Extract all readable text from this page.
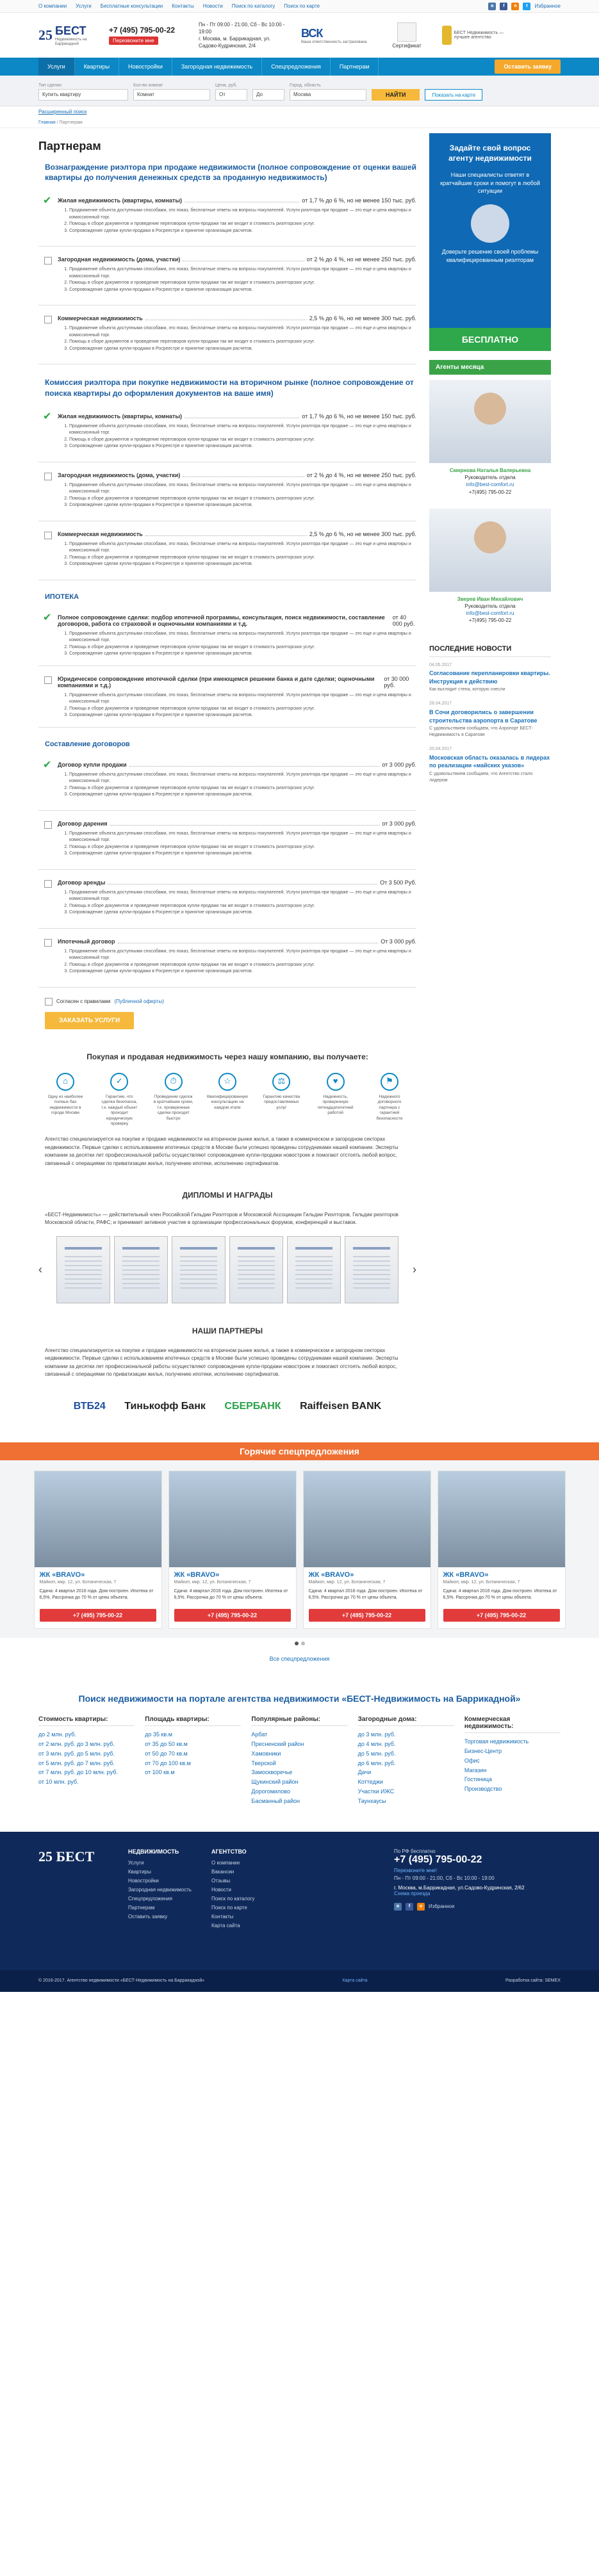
О компании Услуги Бесплатные консультации Контакты Новости Поиск по каталогу Поиск по карте	в	f	o	t	Избранное
25 БЕСТ
Недвижимость на Баррикадной
+7 (495) 795-00-22
Перезвоните мне
Пн - Пт 09:00 - 21:00, Сб - Вс 10:00 - 19:00
г. Москва, м. Баррикадная, ул. Садово-Кудринская, 2/4
ВСК
Ваша ответственность застрахована
Сертификат
БЕСТ Недвижимость — лучшее агентство
Услуги	Квартиры	Новостройки	Загородная недвижимость	Спецпредложения	Партнерам	Оставить заявку
Тип сделки
Купить квартиру
Кол-во комнат
Комнат
Цена, руб.
От	До
Город, область
Москва	НАЙТИ	Показать на карте
Расширенный поиск
Главная / Партнерам
Партнерам
Вознаграждение риэлтора при продаже недвижимости (полное сопровождение от оценки вашей квартиры до получения денежных средств за проданную недвижимость)
✔
Жилая недвижимость (квартиры, комнаты)	от 1,7 % до 6 %, но не менее 150 тыс. руб.
1. Продвижение объекта доступными способами, это показ, бесплатные ответы на вопросы покупателей. Услуги риэлтора при продаже — это еще и цена квартиры и комиссионный торг.
2. Помощь в сборе документов и проведение переговоров купли-продажи так же входит в стоимость риэлторских услуг.
3. Сопровождение сделки купли-продажи в Росреестре и принятие организация расчетов.
Загородная недвижимость (дома, участки)	от 2 % до 4 %, но не менее 250 тыс. руб.
1. Продвижение объекта доступными способами, это показ, бесплатные ответы на вопросы покупателей. Услуги риэлтора при продаже — это еще и цена квартиры и комиссионный торг.
2. Помощь в сборе документов и проведение переговоров купли-продажи так же входит в стоимость риэлторских услуг.
3. Сопровождение сделки купли-продажи в Росреестре и принятие организация расчетов.
Коммерческая недвижимость	2,5 % до 6 %, но не менее 300 тыс. руб.
1. Продвижение объекта доступными способами, это показ, бесплатные ответы на вопросы покупателей. Услуги риэлтора при продаже — это еще и цена квартиры и комиссионный торг.
2. Помощь в сборе документов и проведение переговоров купли-продажи так же входит в стоимость риэлторских услуг.
3. Сопровождение сделки купли-продажи в Росреестре и принятие организация расчетов.
Комиссия риэлтора при покупке недвижимости на вторичном рынке (полное сопровождение от поиска квартиры до оформления документов на ваше имя)
✔
Жилая недвижимость (квартиры, комнаты)	от 1,7 % до 6 %, но не менее 150 тыс. руб.
1. Продвижение объекта доступными способами, это показ, бесплатные ответы на вопросы покупателей. Услуги риэлтора при продаже — это еще и цена квартиры и комиссионный торг.
2. Помощь в сборе документов и проведение переговоров купли-продажи так же входит в стоимость риэлторских услуг.
3. Сопровождение сделки купли-продажи в Росреестре и принятие организация расчетов.
Загородная недвижимость (дома, участки)	от 2 % до 4 %, но не менее 250 тыс. руб.
1. Продвижение объекта доступными способами, это показ, бесплатные ответы на вопросы покупателей. Услуги риэлтора при продаже — это еще и цена квартиры и комиссионный торг.
2. Помощь в сборе документов и проведение переговоров купли-продажи так же входит в стоимость риэлторских услуг.
3. Сопровождение сделки купли-продажи в Росреестре и принятие организация расчетов.
Коммерческая недвижимость	2,5 % до 6 %, но не менее 300 тыс. руб.
1. Продвижение объекта доступными способами, это показ, бесплатные ответы на вопросы покупателей. Услуги риэлтора при продаже — это еще и цена квартиры и комиссионный торг.
2. Помощь в сборе документов и проведение переговоров купли-продажи так же входит в стоимость риэлторских услуг.
3. Сопровождение сделки купли-продажи в Росреестре и принятие организация расчетов.
ИПОТЕКА
✔
Полное сопровождение сделки: подбор ипотечной программы, консультация, поиск недвижимости, составление договоров, работа со страховой и оценочными компаниями и т.д.
от 40 000 руб.
1. Продвижение объекта доступными способами, это показ, бесплатные ответы на вопросы покупателей. Услуги риэлтора при продаже — это еще и цена квартиры и комиссионный торг.
2. Помощь в сборе документов и проведение переговоров купли-продажи так же входит в стоимость риэлторских услуг.
3. Сопровождение сделки купли-продажи в Росреестре и принятие организация расчетов.
Юридическое сопровождение ипотечной сделки (при имеющемся решении банка и дате сделки; оценочными компаниями и т.д.)
от 30 000 руб.
1. Продвижение объекта доступными способами, это показ, бесплатные ответы на вопросы покупателей. Услуги риэлтора при продаже — это еще и цена квартиры и комиссионный торг.
2. Помощь в сборе документов и проведение переговоров купли-продажи так же входит в стоимость риэлторских услуг.
3. Сопровождение сделки купли-продажи в Росреестре и принятие организация расчетов.
Составление договоров
✔
Договор купли продажи	от 3 000 руб.
1. Продвижение объекта доступными способами, это показ, бесплатные ответы на вопросы покупателей. Услуги риэлтора при продаже — это еще и цена квартиры и комиссионный торг.
2. Помощь в сборе документов и проведение переговоров купли-продажи так же входит в стоимость риэлторских услуг.
3. Сопровождение сделки купли-продажи в Росреестре и принятие организация расчетов.
Договор дарения	от 3 000 руб.
1. Продвижение объекта доступными способами, это показ, бесплатные ответы на вопросы покупателей. Услуги риэлтора при продаже — это еще и цена квартиры и комиссионный торг.
2. Помощь в сборе документов и проведение переговоров купли-продажи так же входит в стоимость риэлторских услуг.
3. Сопровождение сделки купли-продажи в Росреестре и принятие организация расчетов.
Договор аренды	От 3 500 Руб.
1. Продвижение объекта доступными способами, это показ, бесплатные ответы на вопросы покупателей. Услуги риэлтора при продаже — это еще и цена квартиры и комиссионный торг.
2. Помощь в сборе документов и проведение переговоров купли-продажи так же входит в стоимость риэлторских услуг.
3. Сопровождение сделки купли-продажи в Росреестре и принятие организация расчетов.
Ипотечный договор	От 3 000 руб.
1. Продвижение объекта доступными способами, это показ, бесплатные ответы на вопросы покупателей. Услуги риэлтора при продаже — это еще и цена квартиры и комиссионный торг.
2. Помощь в сборе документов и проведение переговоров купли-продажи так же входит в стоимость риэлторских услуг.
3. Сопровождение сделки купли-продажи в Росреестре и принятие организация расчетов.
Согласен с правилами (Публичной оферты)
ЗАКАЗАТЬ УСЛУГИ
Покупая и продавая недвижимость через нашу компанию, вы получаете:
⌂
Одну из наиболее полных баз недвижимости в городе Москве
✓
Гарантию, что сделка безопасна, т.к. каждый объект проходит юридическую проверку
⏱
Проведение сделок в кратчайшие сроки, т.к. проверенные сделки проходят быстро
☆
Квалифицированную консультацию на каждом этапе
⚖
Гарантию качества предоставляемых услуг
♥
Надежность, проверенную пятнадцатилетней работой
⚑
Надежного договорного партнера с гарантией безопасности
Агентство специализируется на покупке и продаже недвижимости на вторичном рынке жилья, а также в коммерческом и загородном секторах недвижимости. Первые сделки с использованием ипотечных средств в Москве были успешно проведены сотрудниками нашей компании. Эксперты компании за десятки лет профессиональной работы осуществляют сопровождение купли-продажи новостроек и помогают отстоять любой вопрос, связанный с операциями по приватизации жилья, получению ипотеки, исполнению сертификатов.
ДИПЛОМЫ И НАГРАДЫ
«БЕСТ-Недвижимость» — действительный член Российской Гильдии Риэлторов и Московской Ассоциации Гильдии Риэлторов, Гильдии риэлторов Московской области, РАФС; и принимает активное участие в организации профессиональных форумов, конференций и выставок.
‹	›
НАШИ ПАРТНЕРЫ
Агентство специализируется на покупке и продаже недвижимости на вторичном рынке жилья, а также в коммерческом и загородном секторах недвижимости. Первые сделки с использованием ипотечных средств в Москве были успешно проведены сотрудниками нашей компании. Эксперты компании за десятки лет профессиональной работы осуществляют сопровождение купли-продажи новостроек и помогают отстоять любой вопрос, связанный с операциями по приватизации жилья, получению ипотеки, исполнению сертификатов.
ВТБ24 Тинькофф Банк СБЕРБАНК Raiffeisen BANK
Задайте свой вопрос агенту недвижимости
Наши специалисты ответят в кратчайшие сроки и помогут в любой ситуации
Доверьте решение своей проблемы квалифицированным риэлторам
БЕСПЛАТНО
Агенты месяца
Смирнова Наталья Валерьевна
Руководитель отдела
info@best-comfort.ru
+7(495) 795-00-22
Зверев Иван Михайлович
Руководитель отдела
info@best-comfort.ru
+7(495) 795-00-22
ПОСЛЕДНИЕ НОВОСТИ
04.05.2017
Согласование перепланировки квартиры. Инструкция к действию
Как выглядит стена, которую снесли
28.04.2017
В Сочи договорились о завершении строительства аэропорта в Саратове
С удовольствием сообщаем, что Аэропорт БЕСТ-Недвижимость в Саратове
20.04.2017
Московская область оказалась в лидерах по реализации «майских указов»
С удовольствием сообщаем, что Агентство стало лидером
Горячие спецпредложения
ЖК «BRAVO»
Майкоп, мкр. 12, ул. Ботаническая, 7
Сдача: 4 квартал 2016 года. Дом построен. Ипотека от 6,5%. Рассрочка до 70 % от цены объекта.
+7 (495) 795-00-22
ЖК «BRAVO»
Майкоп, мкр. 12, ул. Ботаническая, 7
Сдача: 4 квартал 2016 года. Дом построен. Ипотека от 6,5%. Рассрочка до 70 % от цены объекта.
+7 (495) 795-00-22
ЖК «BRAVO»
Майкоп, мкр. 12, ул. Ботаническая, 7
Сдача: 4 квартал 2016 года. Дом построен. Ипотека от 6,5%. Рассрочка до 70 % от цены объекта.
+7 (495) 795-00-22
ЖК «BRAVO»
Майкоп, мкр. 12, ул. Ботаническая, 7
Сдача: 4 квартал 2016 года. Дом построен. Ипотека от 6,5%. Рассрочка до 70 % от цены объекта.
+7 (495) 795-00-22
Все спецпредложения
Поиск недвижимости на портале агентства недвижимости «БЕСТ-Недвижимость на Баррикадной»
Стоимость квартиры:
до 2 млн. руб.
от 2 млн. руб. до 3 млн. руб.
от 3 млн. руб. до 5 млн. руб.
от 5 млн. руб. до 7 млн. руб.
от 7 млн. руб. до 10 млн. руб.
от 10 млн. руб.
Площадь квартиры:
до 35 кв.м
от 35 до 50 кв.м
от 50 до 70 кв.м
от 70 до 100 кв.м
от 100 кв.м
Популярные районы:
Арбат
Пресненский район
Хамовники
Тверской
Замоскворечье
Щукинский район
Дорогомилово
Басманный район
Загородные дома:
до 3 млн. руб.
до 4 млн. руб.
до 5 млн. руб.
до 6 млн. руб.
Дачи
Коттеджи
Участки ИЖС
Таунхаусы
Коммерческая недвижимость:
Торговая недвижимость
Бизнес-Центр
Офис
Магазин
Гостиница
Производство
25 БЕСТ	НЕДВИЖИМОСТЬ
Услуги
Квартиры
Новостройки
Загородная недвижимость
Спецпредложения
Партнерам
Оставить заявку
АГЕНТСТВО
О компании
Вакансии
Отзывы
Новости
Поиск по каталогу
Поиск по карте
Контакты
Карта сайта
По РФ бесплатно
+7 (495) 795-00-22
Перезвоните мне!
Пн - Пт 09:00 - 21:00, Сб - Вс 10:00 - 19:00
г. Москва, м.Баррикадная, ул.Садово-Кудринская, 2/62
Схема проезда
в	f	o	Избранное
© 2016-2017. Агентство недвижимости «БЕСТ-Недвижимость на Баррикадной»	Карта сайта	Разработка сайта: SEMEX
